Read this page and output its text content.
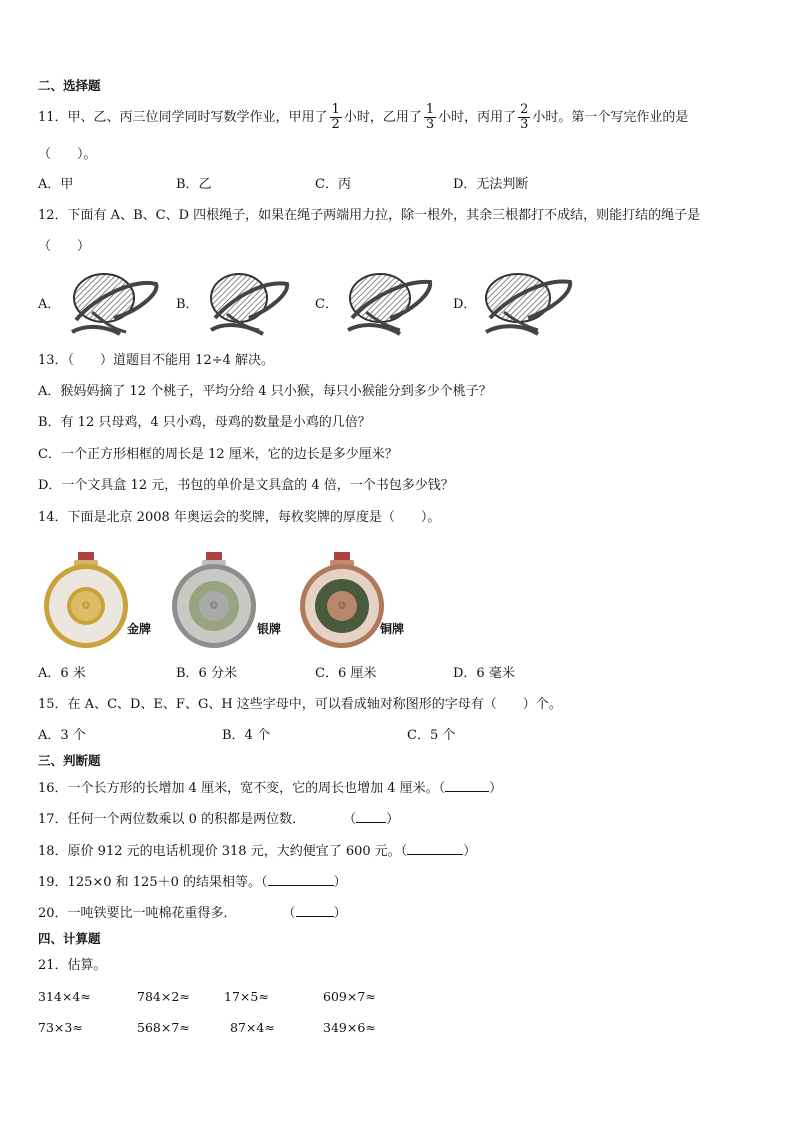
二、选择题
11．甲、乙、丙三位同学同时写数学作业，甲用了 $\frac{1}{2}$ 小时，乙用了 $\frac{1}{3}$ 小时，丙用了 $\frac{2}{3}$ 小时。第一个写完作业的是
（　　）。
A．甲	B．乙	C．丙	D．无法判断
12．下面有 A、B、C、D 四根绳子，如果在绳子两端用力拉，除一根外，其余三根都打不成结，则能打结的绳子是
（　　）
A．	B．	C．	D．
13．（　　）道题目不能用 12÷4 解决。
A．猴妈妈摘了 12 个桃子，平均分给 4 只小猴，每只小猴能分到多少个桃子？
B．有 12 只母鸡，4 只小鸡，母鸡的数量是小鸡的几倍？
C．一个正方形相框的周长是 12 厘米，它的边长是多少厘米？
D．一个文具盒 12 元，书包的单价是文具盒的 4 倍，一个书包多少钱？
14．下面是北京 2008 年奥运会的奖牌，每枚奖牌的厚度是（　　）。
☺
金牌
☺
银牌
☺
铜牌
A．6 米	B．6 分米	C．6 厘米	D．6 毫米
15．在 A、C、D、E、F、G、H 这些字母中，可以看成轴对称图形的字母有（　　）个。
A．3 个	B．4 个	C．5 个
三、判断题
16．一个长方形的长增加 4 厘米，宽不变，它的周长也增加 4 厘米。（	）
17．任何一个两位数乘以 0 的积都是两位数．	（ ）
18．原价 912 元的电话机现价 318 元，大约便宜了 600 元。（	）
19．125×0 和 125＋0 的结果相等。（	）
20．一吨铁要比一吨棉花重得多．	（	）
四、计算题
21．估算。
314×4≈	784×2≈	17×5≈	609×7≈
73×3≈	568×7≈	87×4≈	349×6≈
